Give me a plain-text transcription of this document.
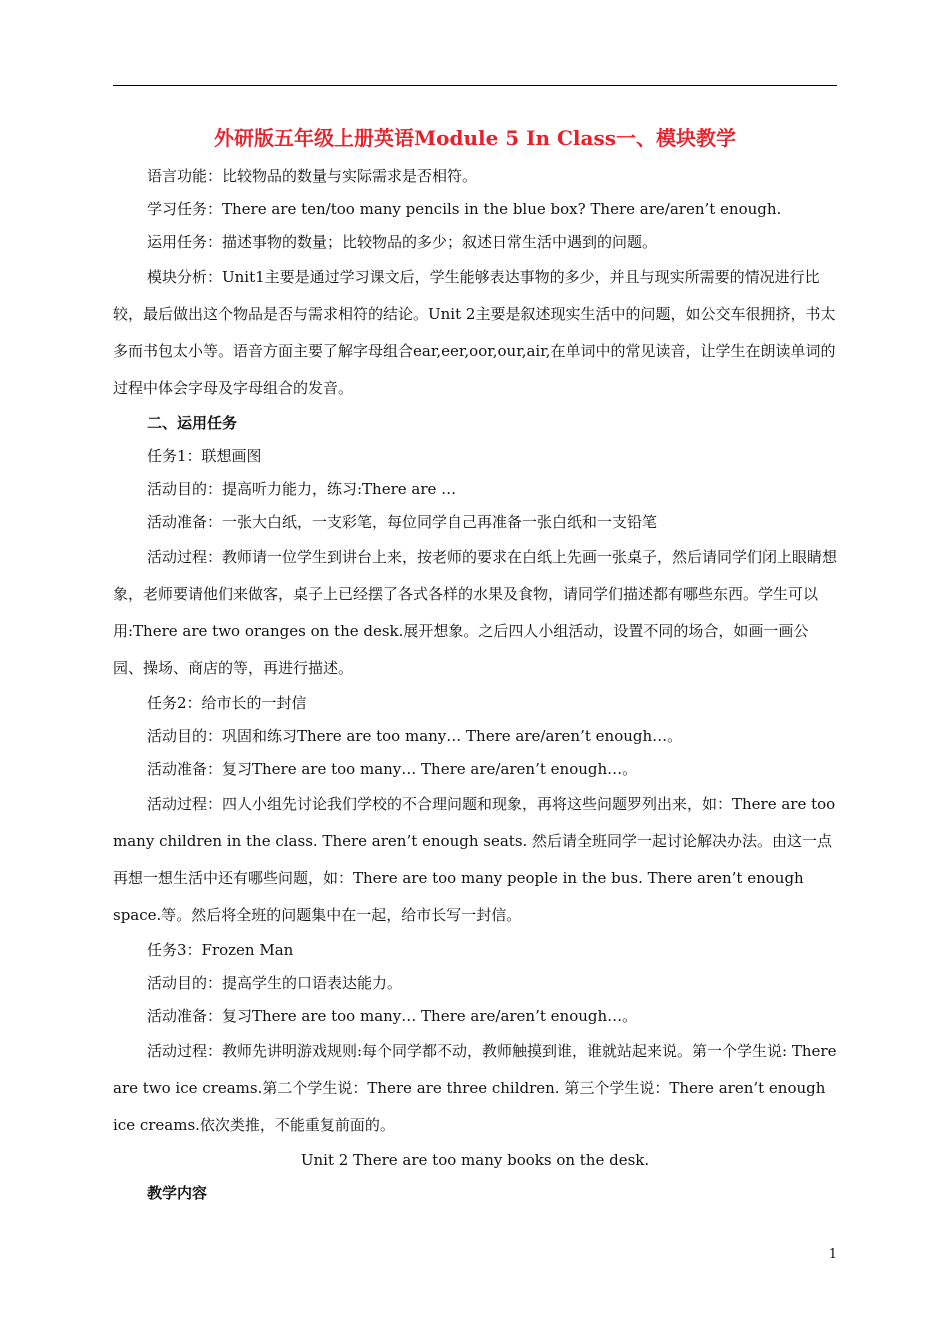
外研版五年级上册英语Module 5 In Class一、模块教学

语言功能：比较物品的数量与实际需求是否相符。

学习任务：There are ten/too many pencils in the blue box? There are/aren’t enough.

运用任务：描述事物的数量；比较物品的多少；叙述日常生活中遇到的问题。

模块分析：Unit1主要是通过学习课文后，学生能够表达事物的多少，并且与现实所需要的情况进行比较，最后做出这个物品是否与需求相符的结论。Unit 2主要是叙述现实生活中的问题，如公交车很拥挤，书太多而书包太小等。语音方面主要了解字母组合ear,eer,oor,our,air,在单词中的常见读音，让学生在朗读单词的过程中体会字母及字母组合的发音。

二、运用任务

任务1：联想画图

活动目的：提高听力能力，练习:There are …

活动准备：一张大白纸，一支彩笔，每位同学自己再准备一张白纸和一支铅笔

活动过程：教师请一位学生到讲台上来，按老师的要求在白纸上先画一张桌子，然后请同学们闭上眼睛想象，老师要请他们来做客，桌子上已经摆了各式各样的水果及食物，请同学们描述都有哪些东西。学生可以用:There are two oranges on the desk.展开想象。之后四人小组活动，设置不同的场合，如画一画公园、操场、商店的等，再进行描述。

任务2：给市长的一封信

活动目的：巩固和练习There are too many… There are/aren’t enough…。

活动准备：复习There are too many… There are/aren’t enough…。

活动过程：四人小组先讨论我们学校的不合理问题和现象，再将这些问题罗列出来，如：There are too many children in the class. There aren’t enough seats. 然后请全班同学一起讨论解决办法。由这一点再想一想生活中还有哪些问题，如：There are too many people in the bus. There aren’t enough space.等。然后将全班的问题集中在一起，给市长写一封信。

任务3：Frozen Man

活动目的：提高学生的口语表达能力。

活动准备：复习There are too many… There are/aren’t enough…。

活动过程：教师先讲明游戏规则:每个同学都不动，教师触摸到谁，谁就站起来说。第一个学生说: There are two ice creams.第二个学生说：There are three children. 第三个学生说：There aren’t enough ice creams.依次类推，不能重复前面的。

Unit 2 There are too many books on the desk.

教学内容

1
